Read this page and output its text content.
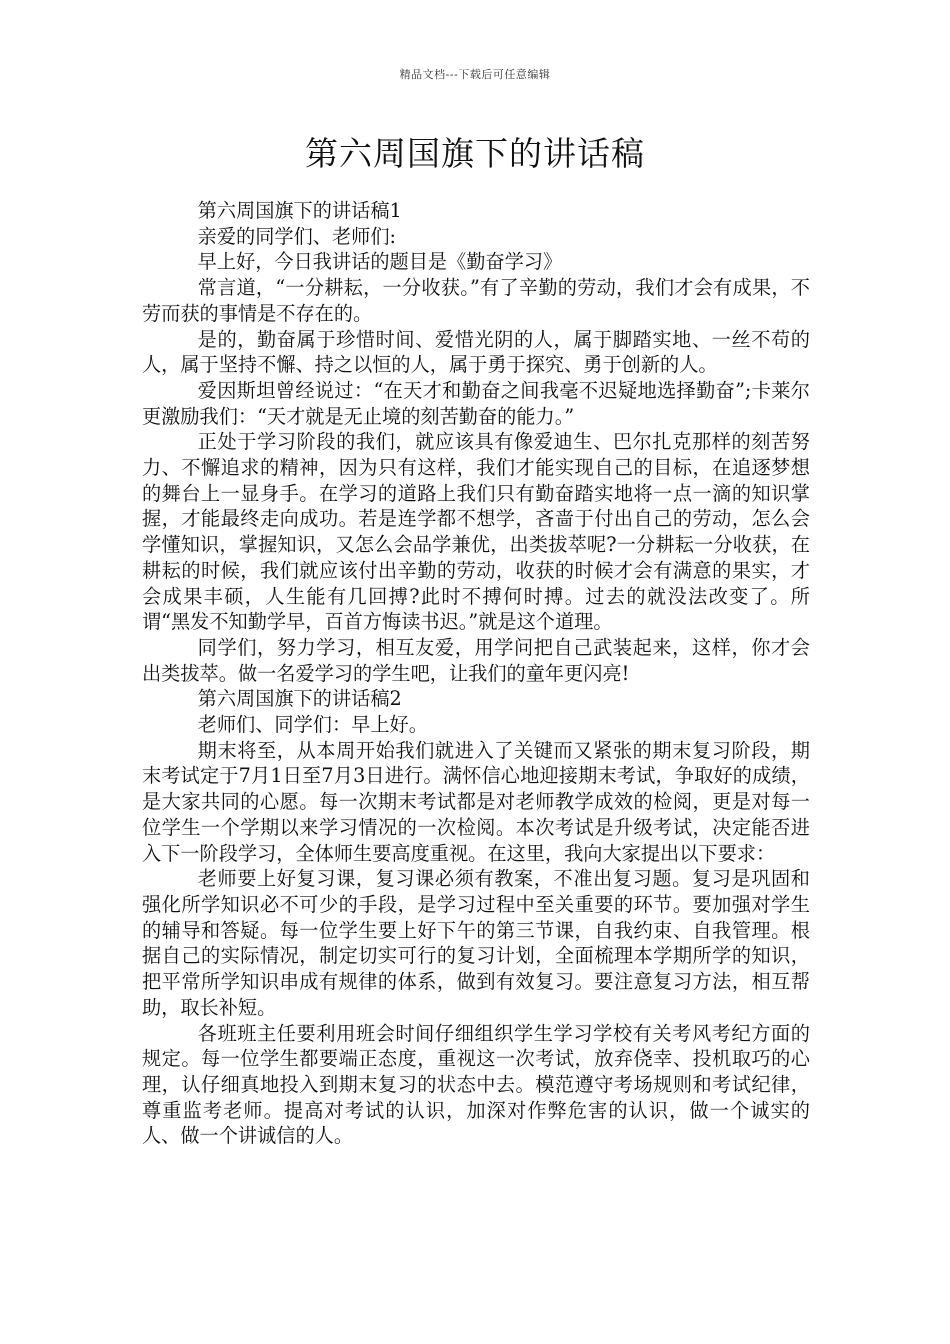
精品文档---下载后可任意编辑
第六周国旗下的讲话稿

第六周国旗下的讲话稿1

亲爱的同学们、老师们:

早上好，今日我讲话的题目是《勤奋学习》

常言道，“一分耕耘，一分收获。”有了辛勤的劳动，我们才会有成果，不劳而获的事情是不存在的。

是的，勤奋属于珍惜时间、爱惜光阴的人，属于脚踏实地、一丝不苟的人，属于坚持不懈、持之以恒的人，属于勇于探究、勇于创新的人。

爱因斯坦曾经说过：“在天才和勤奋之间我毫不迟疑地选择勤奋”;卡莱尔更激励我们：“天才就是无止境的刻苦勤奋的能力。”

正处于学习阶段的我们，就应该具有像爱迪生、巴尔扎克那样的刻苦努力、不懈追求的精神，因为只有这样，我们才能实现自己的目标，在追逐梦想的舞台上一显身手。在学习的道路上我们只有勤奋踏实地将一点一滴的知识掌握，才能最终走向成功。若是连学都不想学，吝啬于付出自己的劳动，怎么会学懂知识，掌握知识，又怎么会品学兼优，出类拔萃呢?一分耕耘一分收获，在耕耘的时候，我们就应该付出辛勤的劳动，收获的时候才会有满意的果实，才会成果丰硕，人生能有几回搏?此时不搏何时搏。过去的就没法改变了。所谓“黑发不知勤学早，百首方悔读书迟。”就是这个道理。

同学们，努力学习，相互友爱，用学问把自己武装起来，这样，你才会出类拔萃。做一名爱学习的学生吧，让我们的童年更闪亮!

第六周国旗下的讲话稿2

老师们、同学们：早上好。

期末将至，从本周开始我们就进入了关键而又紧张的期末复习阶段，期末考试定于7月1日至7月3日进行。满怀信心地迎接期末考试，争取好的成绩，是大家共同的心愿。每一次期末考试都是对老师教学成效的检阅，更是对每一位学生一个学期以来学习情况的一次检阅。本次考试是升级考试，决定能否进入下一阶段学习，全体师生要高度重视。在这里，我向大家提出以下要求：

老师要上好复习课，复习课必须有教案，不准出复习题。复习是巩固和强化所学知识必不可少的手段，是学习过程中至关重要的环节。要加强对学生的辅导和答疑。每一位学生要上好下午的第三节课，自我约束、自我管理。根据自己的实际情况，制定切实可行的复习计划，全面梳理本学期所学的知识，把平常所学知识串成有规律的体系，做到有效复习。要注意复习方法，相互帮助，取长补短。

各班班主任要利用班会时间仔细组织学生学习学校有关考风考纪方面的规定。每一位学生都要端正态度，重视这一次考试，放弃侥幸、投机取巧的心理，认仔细真地投入到期末复习的状态中去。模范遵守考场规则和考试纪律，尊重监考老师。提高对考试的认识，加深对作弊危害的认识，做一个诚实的人、做一个讲诚信的人。
